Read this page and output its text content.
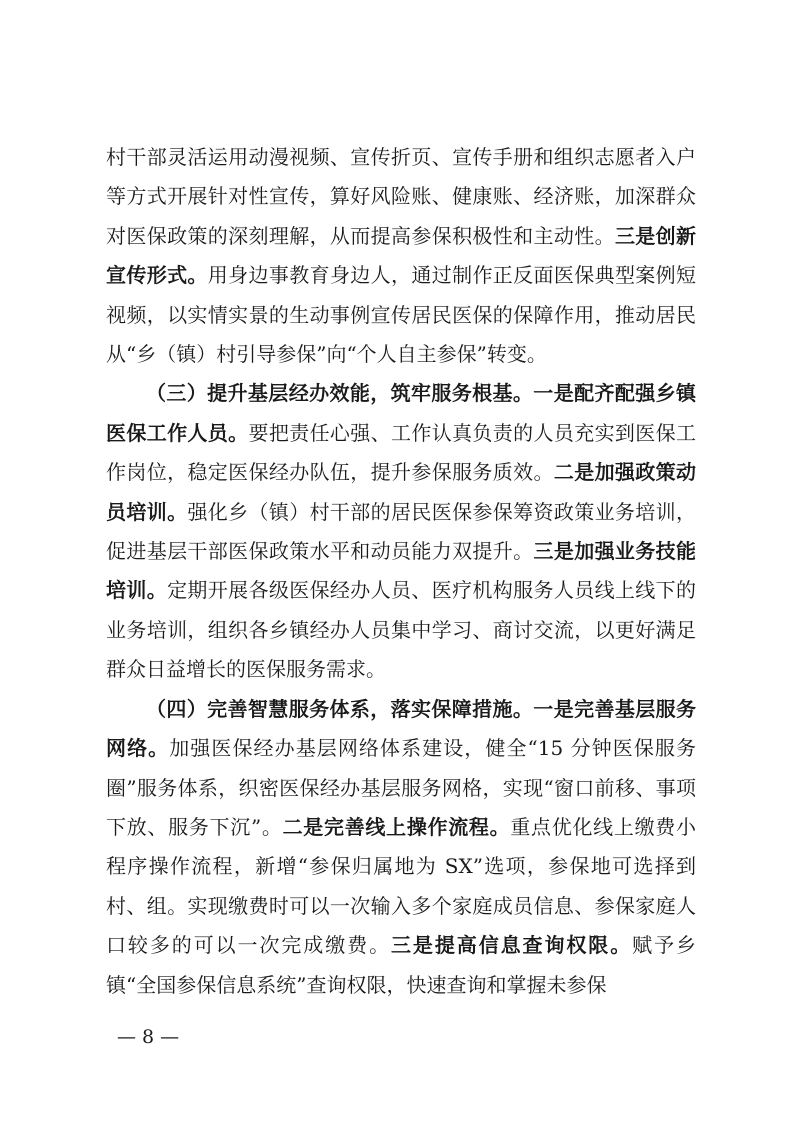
村干部灵活运用动漫视频、宣传折页、宣传手册和组织志愿者入户等方式开展针对性宣传，算好风险账、健康账、经济账，加深群众对医保政策的深刻理解，从而提高参保积极性和主动性。三是创新宣传形式。用身边事教育身边人，通过制作正反面医保典型案例短视频，以实情实景的生动事例宣传居民医保的保障作用，推动居民从“乡（镇）村引导参保”向“个人自主参保”转变。

（三）提升基层经办效能，筑牢服务根基。一是配齐配强乡镇医保工作人员。要把责任心强、工作认真负责的人员充实到医保工作岗位，稳定医保经办队伍，提升参保服务质效。二是加强政策动员培训。强化乡（镇）村干部的居民医保参保筹资政策业务培训，促进基层干部医保政策水平和动员能力双提升。三是加强业务技能培训。定期开展各级医保经办人员、医疗机构服务人员线上线下的业务培训，组织各乡镇经办人员集中学习、商讨交流，以更好满足群众日益增长的医保服务需求。

（四）完善智慧服务体系，落实保障措施。一是完善基层服务网络。加强医保经办基层网络体系建设，健全“15 分钟医保服务圈”服务体系，织密医保经办基层服务网格，实现“窗口前移、事项下放、服务下沉”。二是完善线上操作流程。重点优化线上缴费小程序操作流程，新增“参保归属地为 SX”选项，参保地可选择到村、组。实现缴费时可以一次输入多个家庭成员信息、参保家庭人口较多的可以一次完成缴费。三是提高信息查询权限。赋予乡镇“全国参保信息系统”查询权限，快速查询和掌握未参保

— 8 —
